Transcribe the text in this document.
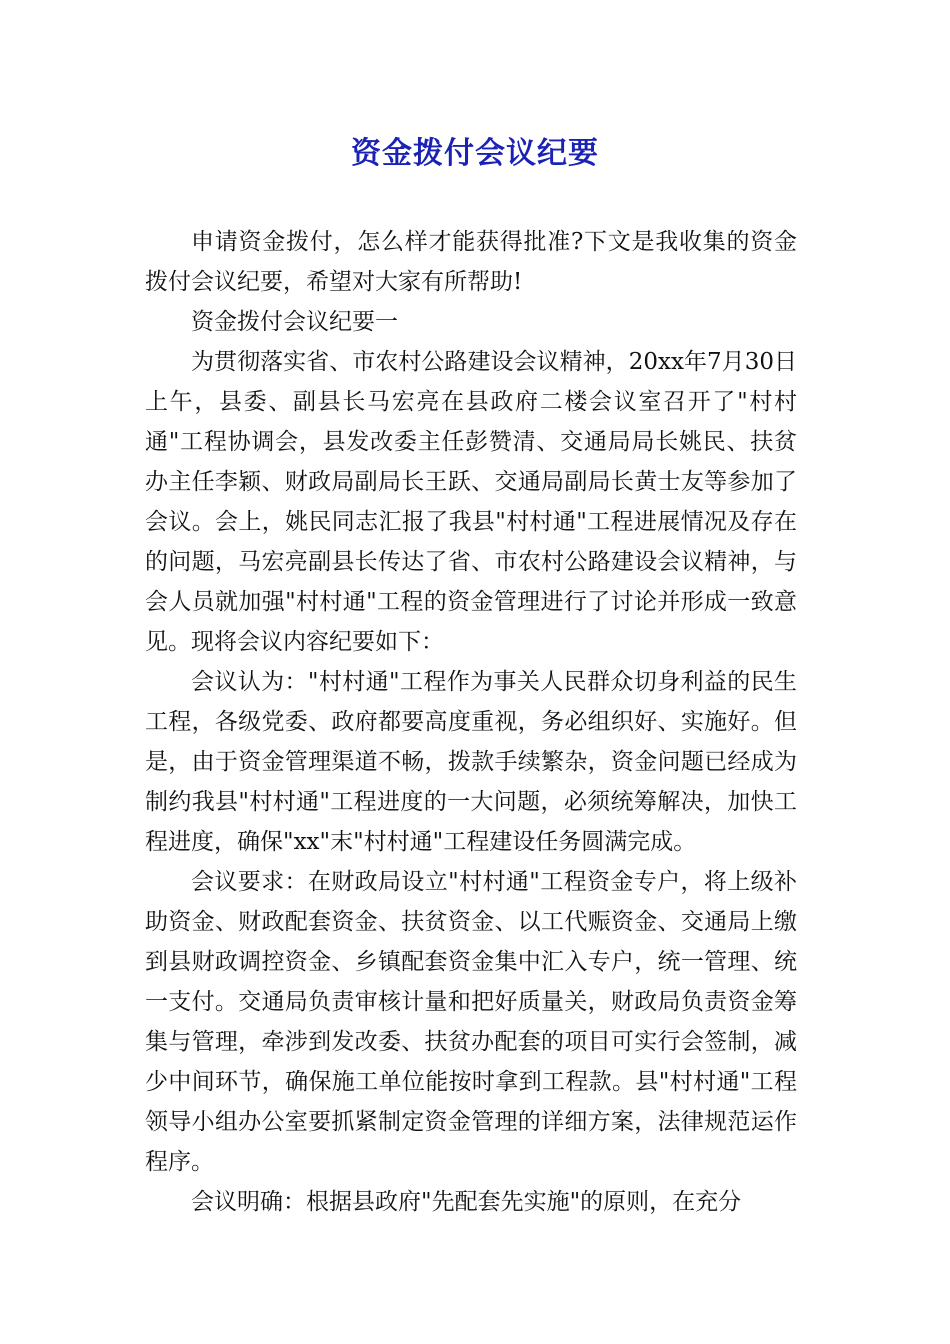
资金拨付会议纪要

申请资金拨付，怎么样才能获得批准?下文是我收集的资金拨付会议纪要，希望对大家有所帮助!

资金拨付会议纪要一

为贯彻落实省、市农村公路建设会议精神，20xx年7月30日上午，县委、副县长马宏亮在县政府二楼会议室召开了"村村通"工程协调会，县发改委主任彭赞清、交通局局长姚民、扶贫办主任李颖、财政局副局长王跃、交通局副局长黄士友等参加了会议。会上，姚民同志汇报了我县"村村通"工程进展情况及存在的问题，马宏亮副县长传达了省、市农村公路建设会议精神，与会人员就加强"村村通"工程的资金管理进行了讨论并形成一致意见。现将会议内容纪要如下：

会议认为："村村通"工程作为事关人民群众切身利益的民生工程，各级党委、政府都要高度重视，务必组织好、实施好。但是，由于资金管理渠道不畅，拨款手续繁杂，资金问题已经成为制约我县"村村通"工程进度的一大问题，必须统筹解决，加快工程进度，确保"xx"末"村村通"工程建设任务圆满完成。

会议要求：在财政局设立"村村通"工程资金专户，将上级补助资金、财政配套资金、扶贫资金、以工代赈资金、交通局上缴到县财政调控资金、乡镇配套资金集中汇入专户，统一管理、统一支付。交通局负责审核计量和把好质量关，财政局负责资金筹集与管理，牵涉到发改委、扶贫办配套的项目可实行会签制，减少中间环节，确保施工单位能按时拿到工程款。县"村村通"工程领导小组办公室要抓紧制定资金管理的详细方案，法律规范运作程序。

会议明确：根据县政府"先配套先实施"的原则，在充分
